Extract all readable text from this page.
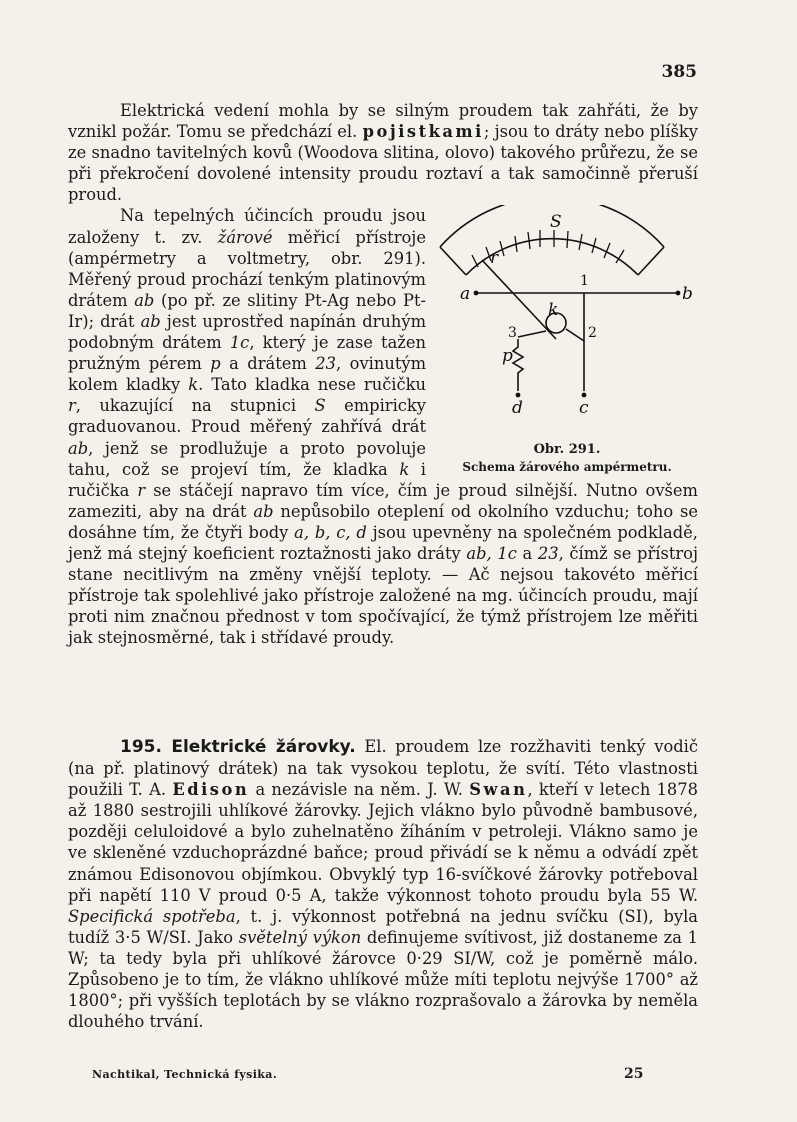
385

Elektrická vedení mohla by se silným proudem tak zahřáti, že by vznikl požár. Tomu se předchází el. pojistkami; jsou to dráty nebo plíšky ze snadno tavitelných kovů (Woodova slitina, olovo) takového průřezu, že se při překročení dovolené intensity proudu roztaví a tak samočinně přeruší proud.

S
r
a	b
k
1
2
3
p
d	c
Obr. 291.
Schema žárového ampérmetru.

Na tepelných účincích proudu jsou založeny t. zv. žárové měřicí přístroje (ampérmetry a voltmetry, obr. 291). Měřený proud prochází tenkým platinovým drátem ab (po př. ze slitiny Pt-Ag nebo Pt-Ir); drát ab jest uprostřed napínán druhým podobným drátem 1c, který je zase tažen pružným pérem p a drátem 23, ovinutým kolem kladky k. Tato kladka nese ručičku r, ukazující na stupnici S empiricky graduovanou. Proud měřený zahřívá drát ab, jenž se prodlužuje a proto povoluje tahu, což se projeví tím, že kladka k i ručička r se stáčejí napravo tím více, čím je proud silnější. Nutno ovšem zameziti, aby na drát ab nepůsobilo oteplení od okolního vzduchu; toho se dosáhne tím, že čtyři body a, b, c, d jsou upevněny na společném podkladě, jenž má stejný koeficient roztažnosti jako dráty ab, 1c a 23, čímž se přístroj stane necitlivým na změny vnější teploty. — Ač nejsou takovéto měřicí přístroje tak spolehlivé jako přístroje založené na mg. účincích proudu, mají proti nim značnou přednost v tom spočívající, že týmž přístrojem lze měřiti jak stejnosměrné, tak i střídavé proudy.

195. Elektrické žárovky. El. proudem lze rozžhaviti tenký vodič (na př. platinový drátek) na tak vysokou teplotu, že svítí. Této vlastnosti použili T. A. Edison a nezávisle na něm. J. W. Swan, kteří v letech 1878 až 1880 sestrojili uhlíkové žárovky. Jejich vlákno bylo původně bambusové, později celuloidové a bylo zuhelnatěno žíháním v petroleji. Vlákno samo je ve skleněné vzduchoprázdné baňce; proud přivádí se k němu a odvádí zpět známou Edisonovou objímkou. Obvyklý typ 16-svíčkové žárovky potřeboval při napětí 110 V proud 0·5 A, takže výkonnost tohoto proudu byla 55 W. Specifická spotřeba, t. j. výkonnost potřebná na jednu svíčku (SI), byla tudíž 3·5 W/SI. Jako světelný výkon definujeme svítivost, již dostaneme za 1 W; ta tedy byla při uhlíkové žárovce 0·29 SI/W, což je poměrně málo. Způsobeno je to tím, že vlákno uhlíkové může míti teplotu nejvýše 1700° až 1800°; při vyšších teplotách by se vlákno rozprašovalo a žárovka by neměla dlouhého trvání.

Nachtikal, Technická fysika.	25
